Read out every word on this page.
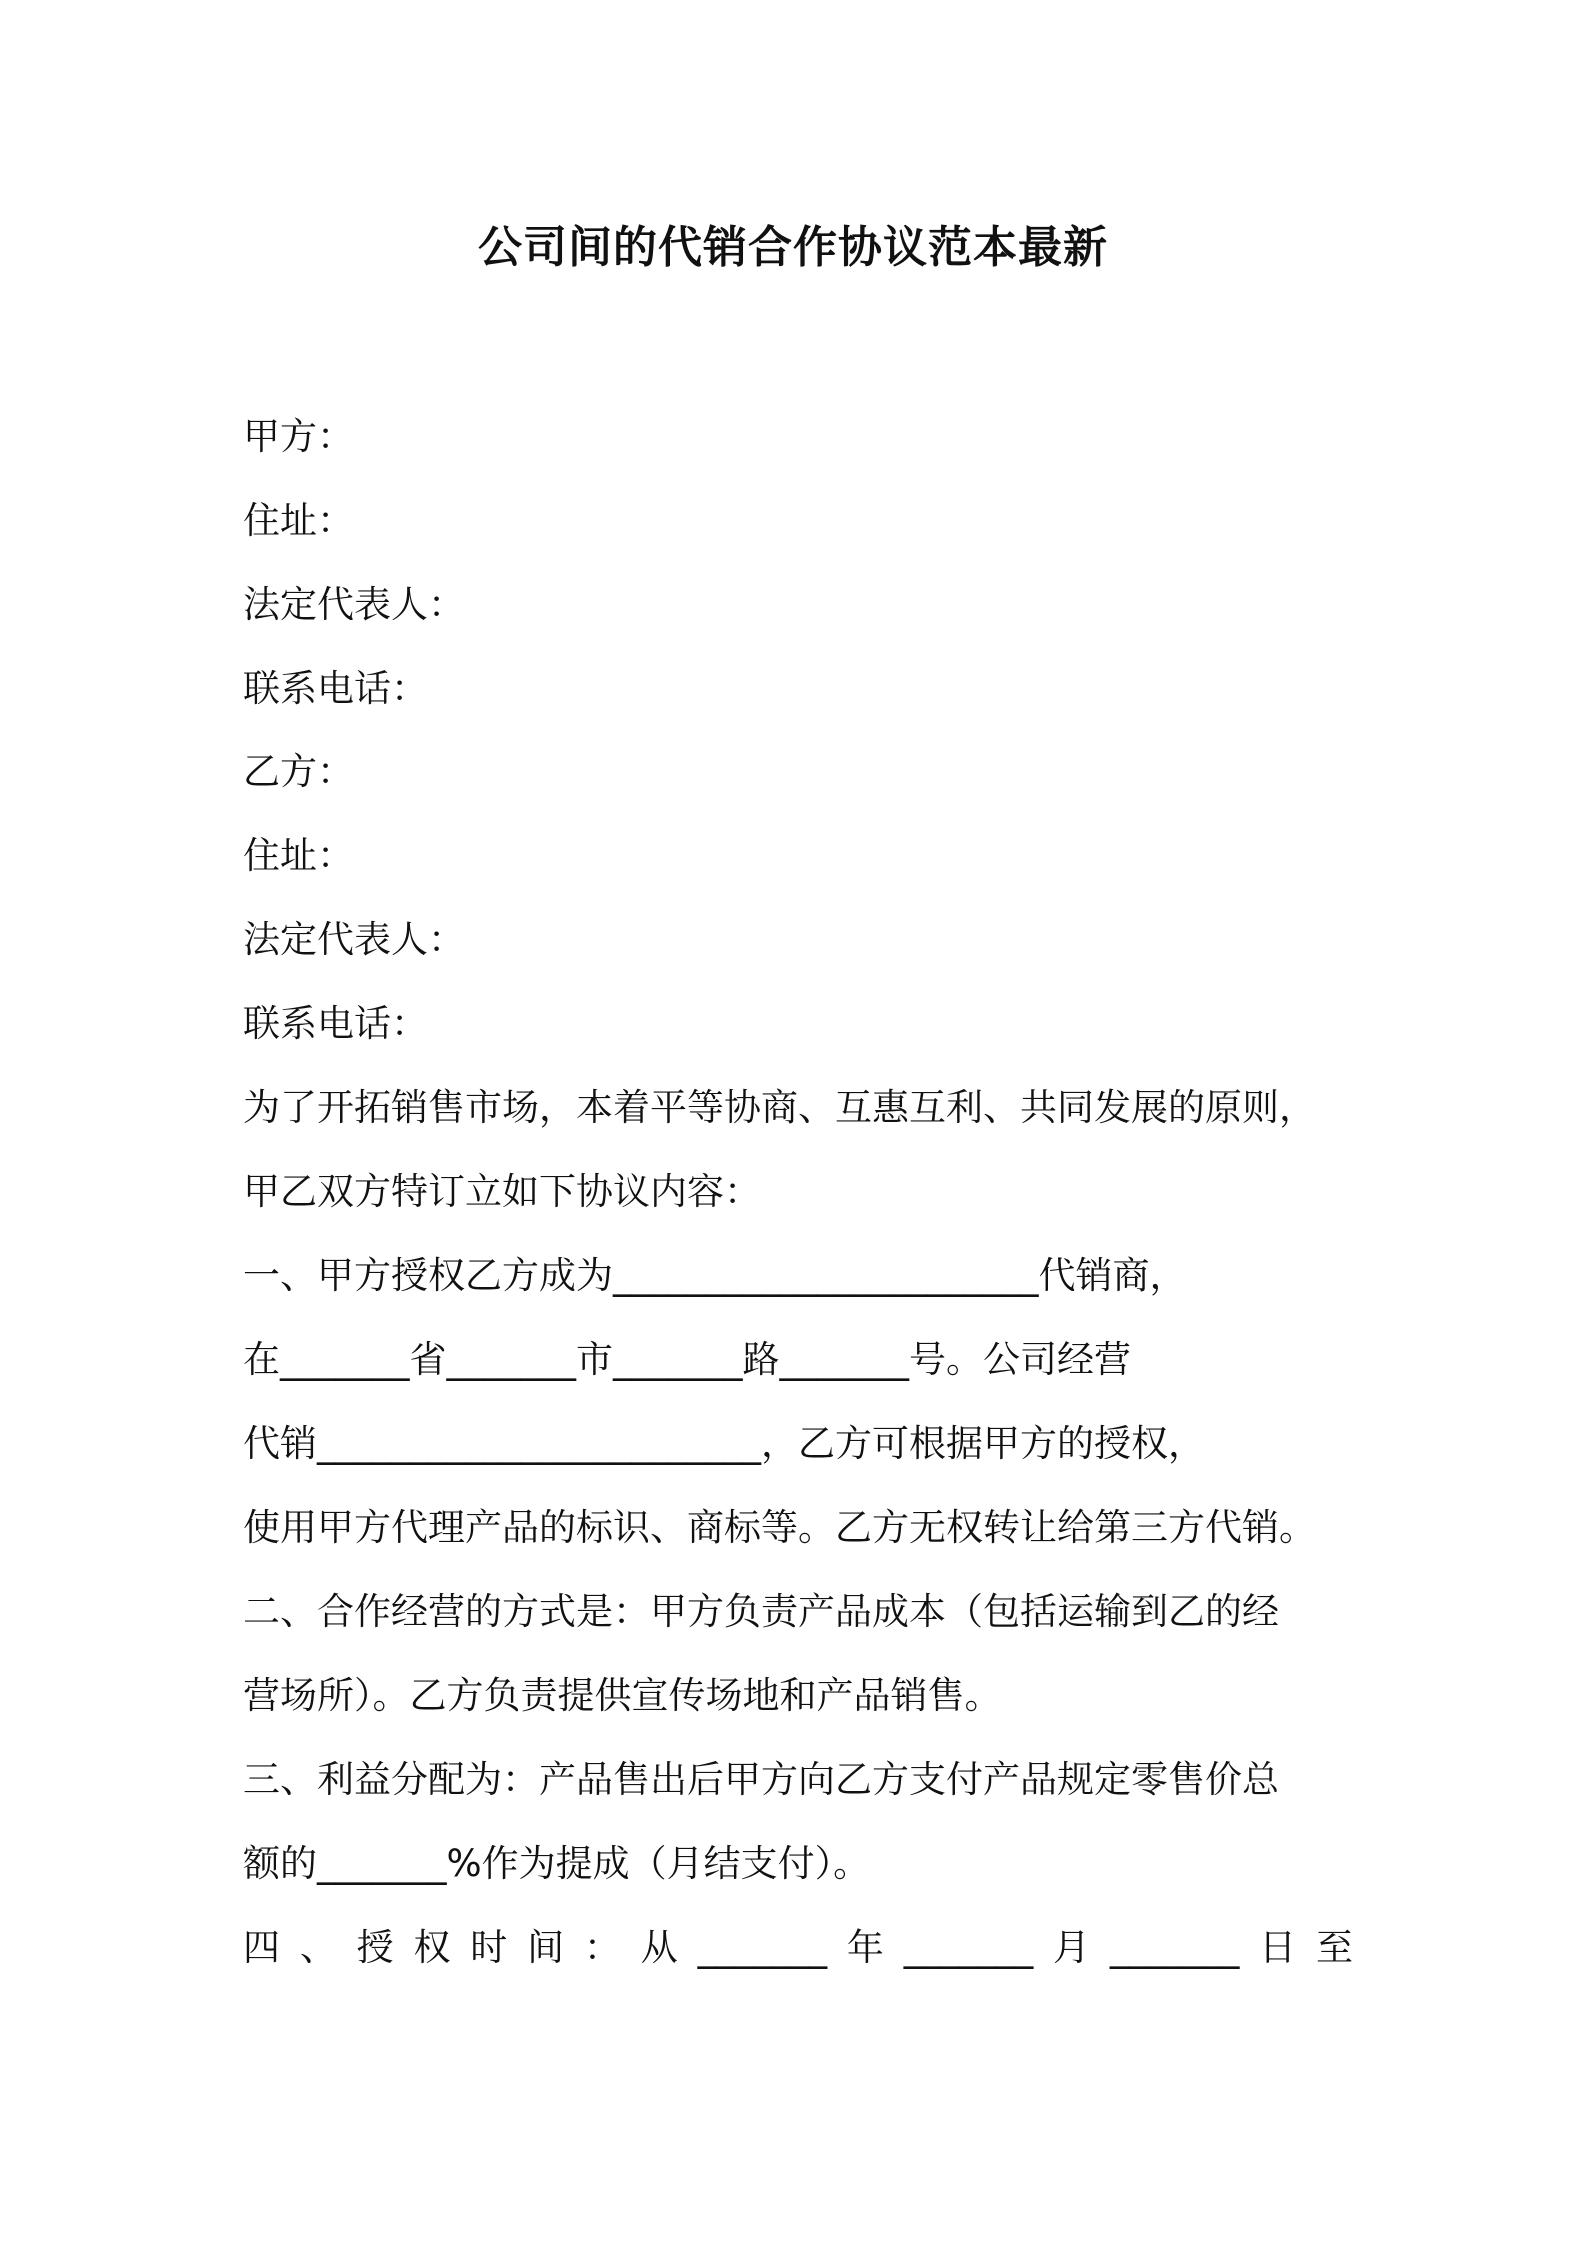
公司间的代销合作协议范本最新
甲方：
住址：
法定代表人：
联系电话：
乙方：
住址：
法定代表人：
联系电话：
为了开拓销售市场，本着平等协商、互惠互利、共同发展的原则，
甲乙双方特订立如下协议内容：
一、甲方授权乙方成为_______________________代销商，
在_______省_______市_______路_______号。公司经营
代销________________________，乙方可根据甲方的授权，
使用甲方代理产品的标识、商标等。乙方无权转让给第三方代销。
二、合作经营的方式是：甲方负责产品成本（包括运输到乙的经
营场所）。乙方负责提供宣传场地和产品销售。
三、利益分配为：产品售出后甲方向乙方支付产品规定零售价总
额的_______%作为提成（月结支付）。
四、授权时间：从_______年_______月_______日至
